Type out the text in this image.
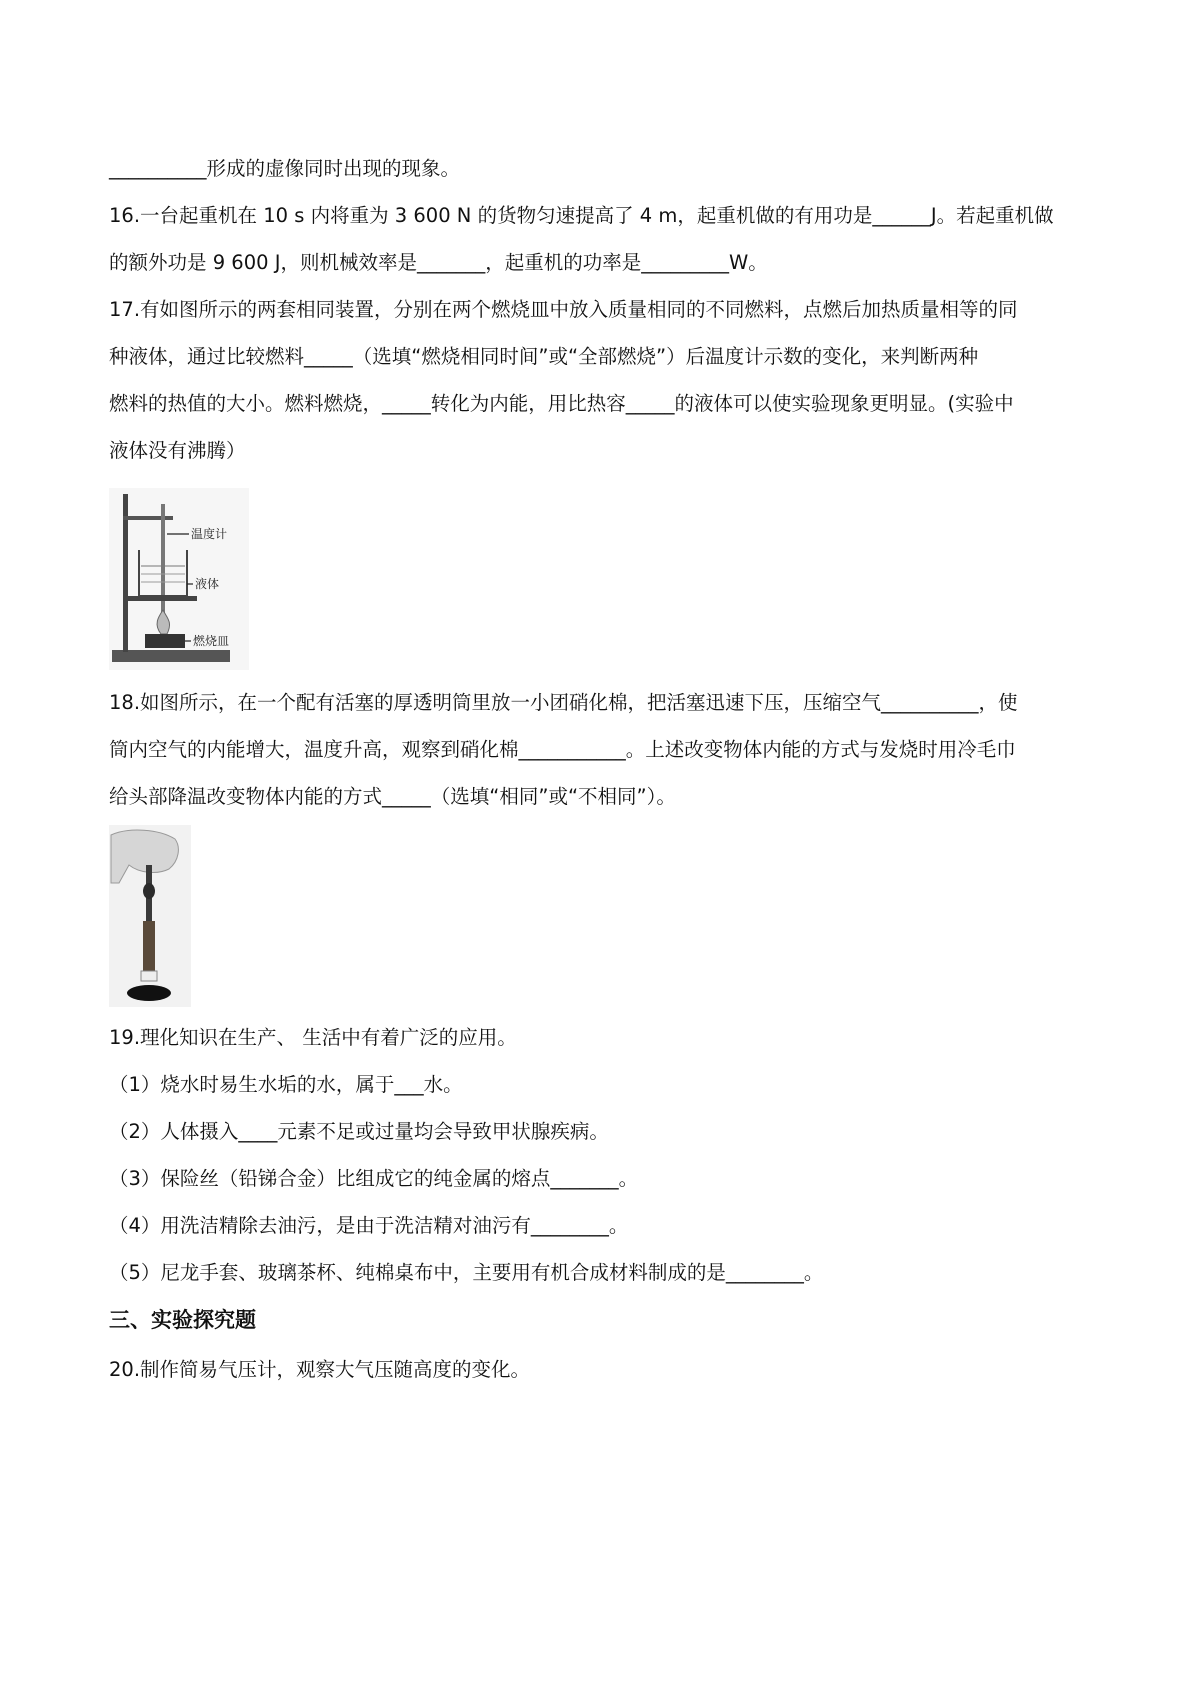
__________形成的虚像同时出现的现象。
16.一台起重机在 10 s 内将重为 3 600 N 的货物匀速提高了 4 m，起重机做的有用功是______J。若起重机做
的额外功是 9 600 J，则机械效率是_______，起重机的功率是_________W。
17.有如图所示的两套相同装置，分别在两个燃烧皿中放入质量相同的不同燃料，点燃后加热质量相等的同
种液体，通过比较燃料_____（选填“燃烧相同时间”或“全部燃烧”）后温度计示数的变化，来判断两种
燃料的热值的大小。燃料燃烧，_____转化为内能，用比热容_____的液体可以使实验现象更明显。(实验中
液体没有沸腾）
温度计
液体
燃烧皿
18.如图所示，在一个配有活塞的厚透明筒里放一小团硝化棉，把活塞迅速下压，压缩空气__________，使
筒内空气的内能增大，温度升高，观察到硝化棉___________。上述改变物体内能的方式与发烧时用冷毛巾
给头部降温改变物体内能的方式_____（选填“相同”或“不相同”）。
19.理化知识在生产、 生活中有着广泛的应用。
（1）烧水时易生水垢的水，属于___水。
（2）人体摄入____元素不足或过量均会导致甲状腺疾病。
（3）保险丝（铅锑合金）比组成它的纯金属的熔点_______。
（4）用洗洁精除去油污，是由于洗洁精对油污有________。
（5）尼龙手套、玻璃茶杯、纯棉桌布中，主要用有机合成材料制成的是________。
三、实验探究题
20.制作简易气压计，观察大气压随高度的变化。
